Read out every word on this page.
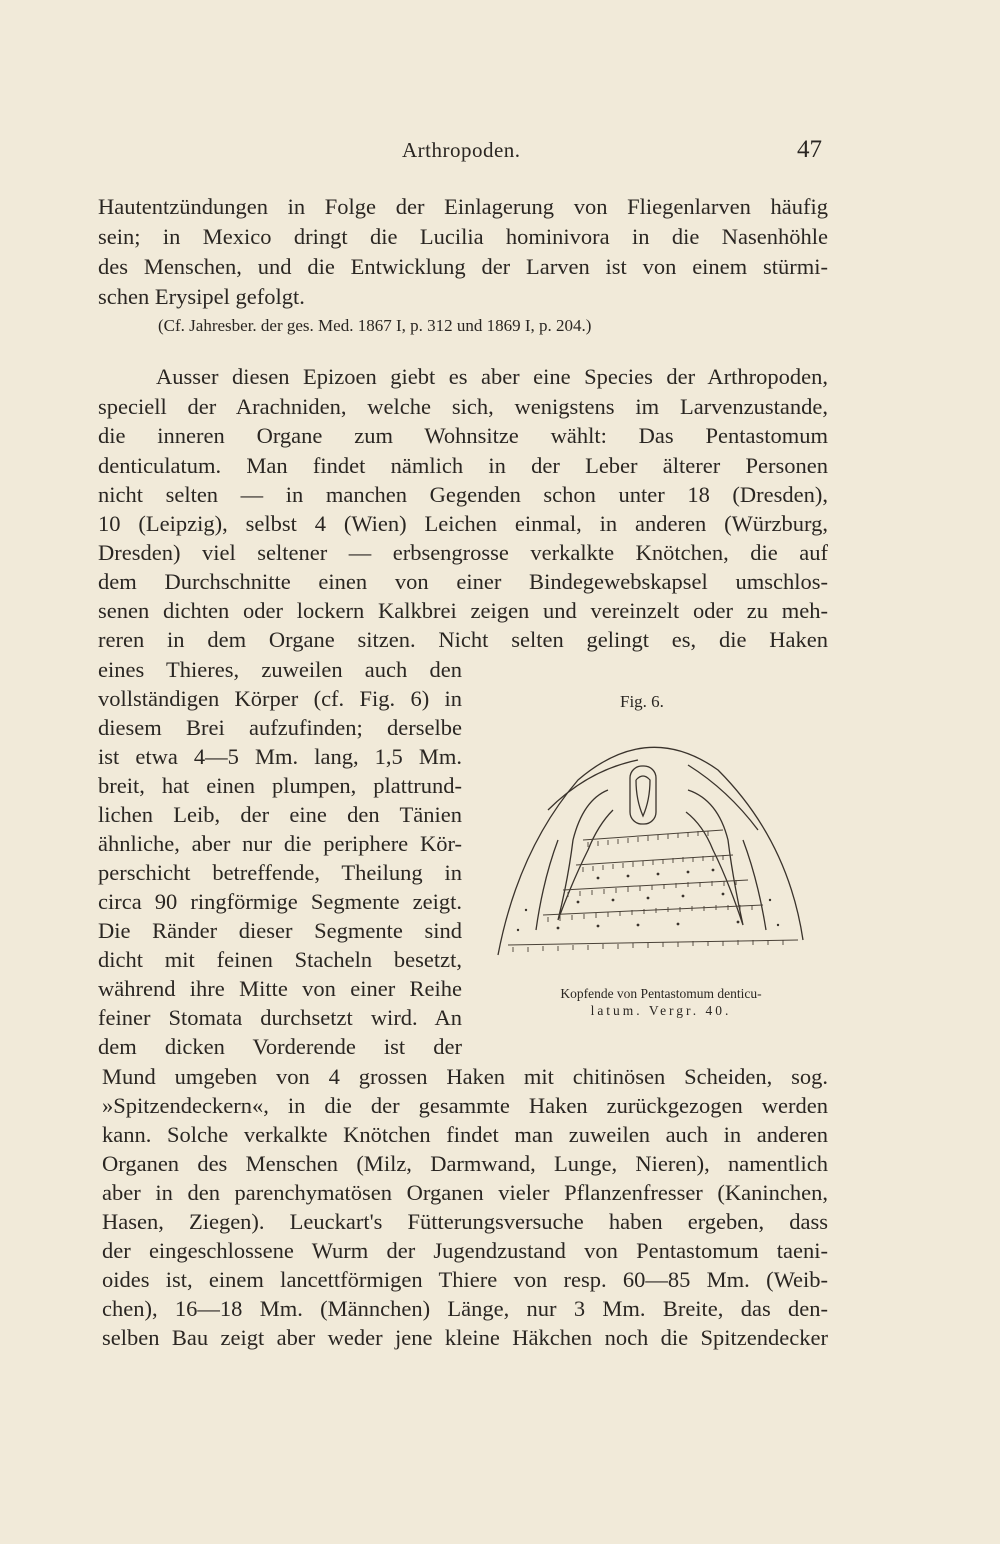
Arthropoden.	47
Hautentzündungen in Folge der Einlagerung von Fliegenlarven häufig
sein; in Mexico dringt die Lucilia hominivora in die Nasenhöhle
des Menschen, und die Entwicklung der Larven ist von einem stürmi-
schen Erysipel gefolgt.
(Cf. Jahresber. der ges. Med. 1867 I, p. 312 und 1869 I, p. 204.)
Ausser diesen Epizoen giebt es aber eine Species der Arthropoden,
speciell der Arachniden, welche sich, wenigstens im Larvenzustande,
die inneren Organe zum Wohnsitze wählt: Das Pentastomum
denticulatum. Man findet nämlich in der Leber älterer Personen
nicht selten — in manchen Gegenden schon unter 18 (Dresden),
10 (Leipzig), selbst 4 (Wien) Leichen einmal, in anderen (Würzburg,
Dresden) viel seltener — erbsengrosse verkalkte Knötchen, die auf
dem Durchschnitte einen von einer Bindegewebskapsel umschlos-
senen dichten oder lockern Kalkbrei zeigen und vereinzelt oder zu meh-
reren in dem Organe sitzen. Nicht selten gelingt es, die Haken
eines Thieres, zuweilen auch den
vollständigen Körper (cf. Fig. 6) in
diesem Brei aufzufinden; derselbe
ist etwa 4—5 Mm. lang, 1,5 Mm.
breit, hat einen plumpen, plattrund-
lichen Leib, der eine den Tänien
ähnliche, aber nur die periphere Kör-
perschicht betreffende, Theilung in
circa 90 ringförmige Segmente zeigt.
Die Ränder dieser Segmente sind
dicht mit feinen Stacheln besetzt,
während ihre Mitte von einer Reihe
feiner Stomata durchsetzt wird. An
dem dicken Vorderende ist der
Fig. 6.
Kopfende von Pentastomum denticu-
latum. Vergr. 40.
Mund umgeben von 4 grossen Haken mit chitinösen Scheiden, sog.
»Spitzendeckern«, in die der gesammte Haken zurückgezogen werden
kann. Solche verkalkte Knötchen findet man zuweilen auch in anderen
Organen des Menschen (Milz, Darmwand, Lunge, Nieren), namentlich
aber in den parenchymatösen Organen vieler Pflanzenfresser (Kaninchen,
Hasen, Ziegen). Leuckart's Fütterungsversuche haben ergeben, dass
der eingeschlossene Wurm der Jugendzustand von Pentastomum taeni-
oides ist, einem lancettförmigen Thiere von resp. 60—85 Mm. (Weib-
chen), 16—18 Mm. (Männchen) Länge, nur 3 Mm. Breite, das den-
selben Bau zeigt aber weder jene kleine Häkchen noch die Spitzendecker
